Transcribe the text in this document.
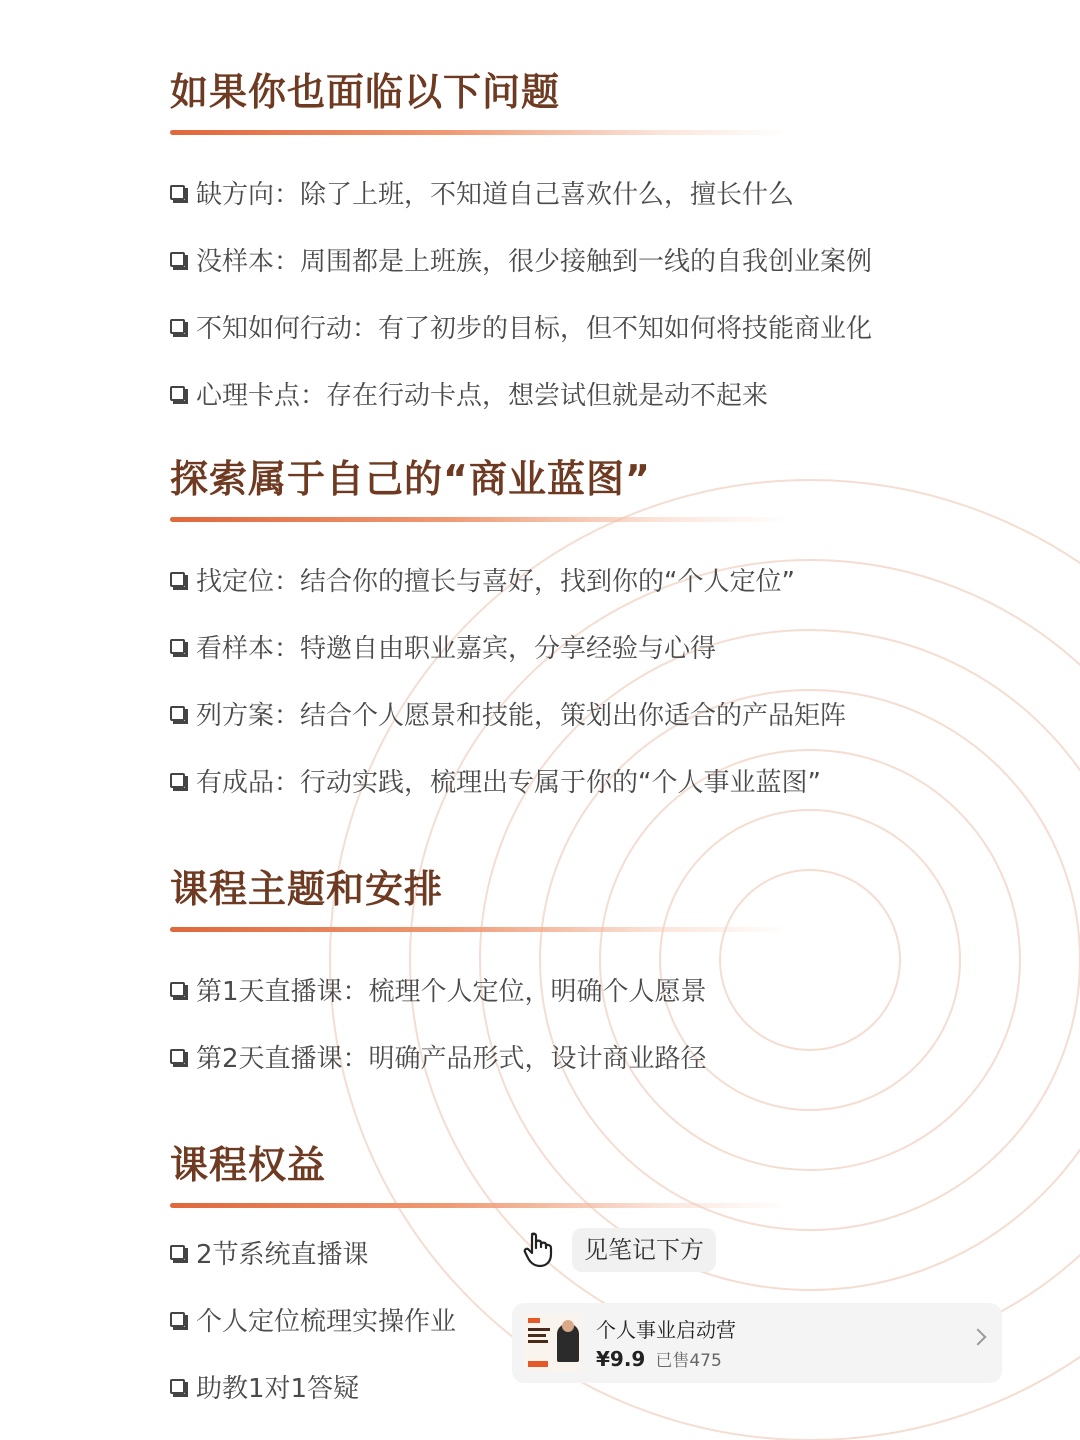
如果你也面临以下问题
缺方向：除了上班，不知道自己喜欢什么，擅长什么
没样本：周围都是上班族，很少接触到一线的自我创业案例
不知如何行动：有了初步的目标，但不知如何将技能商业化
心理卡点：存在行动卡点，想尝试但就是动不起来
探索属于自己的“商业蓝图”
找定位：结合你的擅长与喜好，找到你的“个人定位”
看样本：特邀自由职业嘉宾，分享经验与心得
列方案：结合个人愿景和技能，策划出你适合的产品矩阵
有成品：行动实践，梳理出专属于你的“个人事业蓝图”
课程主题和安排
第1天直播课：梳理个人定位，明确个人愿景
第2天直播课：明确产品形式，设计商业路径
课程权益
2节系统直播课
个人定位梳理实操作业
助教1对1答疑
见笔记下方
个人事业启动营
¥9.9 已售475
